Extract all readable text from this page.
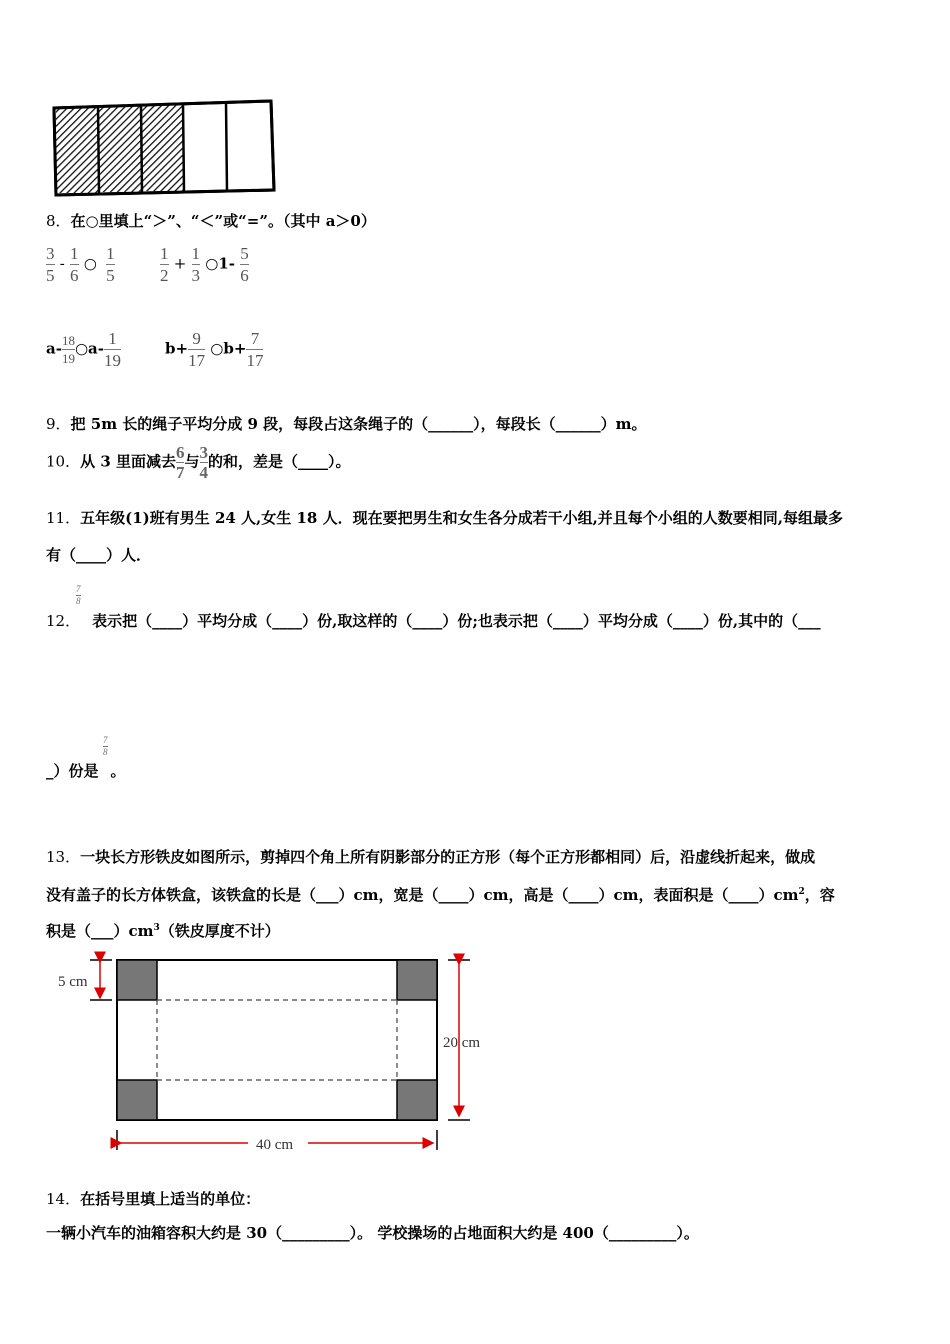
8．在○里填上“＞”、“＜”或“=”。（其中 a＞0）
$\frac{3}{5} - \frac{1}{6}$ ○ $\frac{1}{5}$	$\frac{1}{2} + \frac{1}{3}$ ○1- $\frac{5}{6}$
$a- \frac{18}{19}$ ○a- $\frac{1}{19}$	$b+ \frac{9}{17}$ ○b+ $\frac{7}{17}$
9．把 5m 长的绳子平均分成 9 段，每段占这条绳子的（______），每段长（______）m。
10．从 3 里面减去 $\frac{6}{7}$ 与 $\frac{3}{4}$ 的和，差是（____）。
11．五年级(1)班有男生 24 人,女生 18 人．现在要把男生和女生各分成若干小组,并且每个小组的人数要相同,每组最多
有（____）人．
$\frac{7}{8}$
12． 表示把（____）平均分成（____）份,取这样的（____）份;也表示把（____）平均分成（____）份,其中的（___
$\frac{7}{8}$
_）份是 。
13．一块长方形铁皮如图所示，剪掉四个角上所有阴影部分的正方形（每个正方形都相同）后，沿虚线折起来，做成
没有盖子的长方体铁盒，该铁盒的长是（___）cm，宽是（____）cm，高是（____）cm，表面积是$(\_\_\_\_)cm^2$，容
积是$(\_\_\_)cm^3$（铁皮厚度不计）
5 cm
20 cm
40 cm
14．在括号里填上适当的单位：
一辆小汽车的油箱容积大约是 30（_________）。 学校操场的占地面积大约是 400（_________）。
